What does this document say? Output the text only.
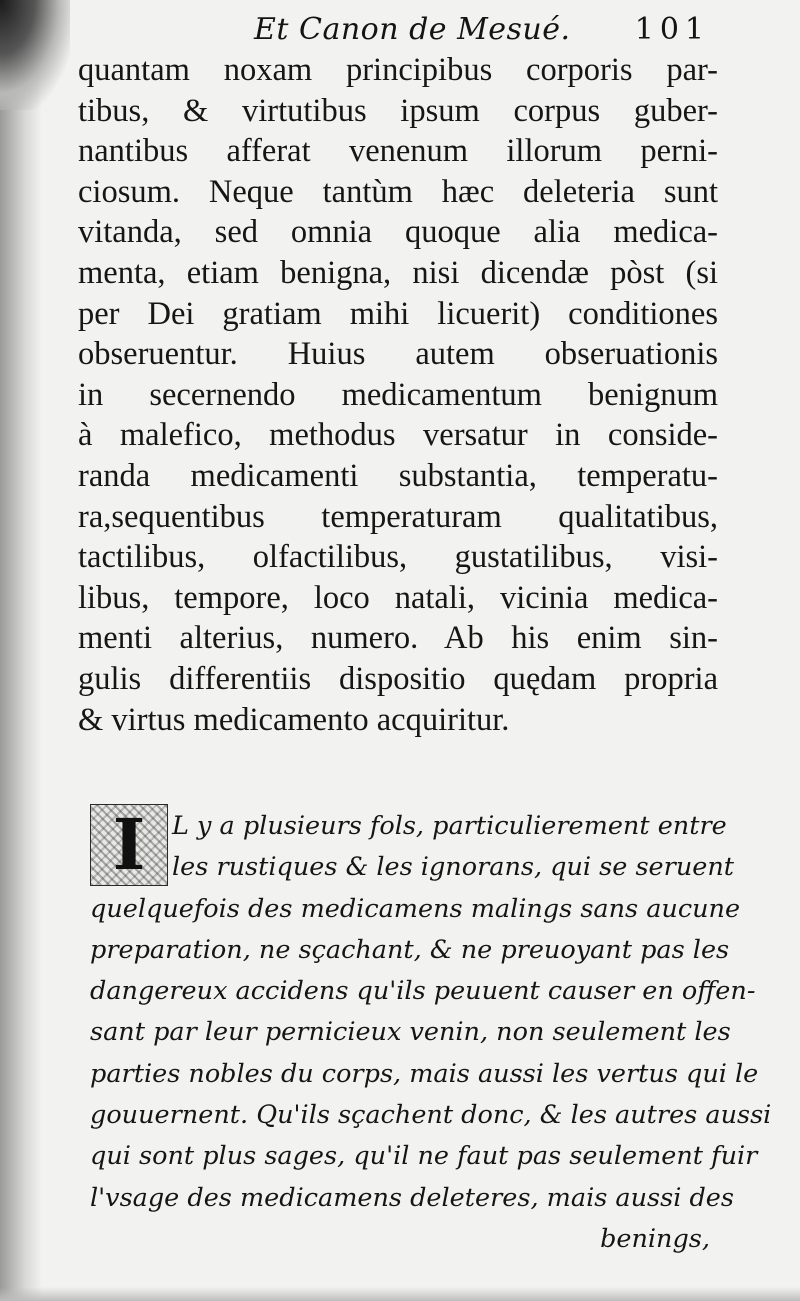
Et Canon de Mesué. 101
quantam noxam principibus corporis par-
tibus, & virtutibus ipsum corpus guber-
nantibus afferat venenum illorum perni-
ciosum. Neque tantùm hæc deleteria sunt
vitanda, sed omnia quoque alia medica-
menta, etiam benigna, nisi dicendæ pòst (si
per Dei gratiam mihi licuerit) conditiones
obseruentur. Huius autem obseruationis
in secernendo medicamentum benignum
à malefico, methodus versatur in conside-
randa medicamenti substantia, temperatu-
ra,sequentibus temperaturam qualitatibus,
tactilibus, olfactilibus, gustatilibus, visi-
libus, tempore, loco natali, vicinia medica-
menti alterius, numero. Ab his enim sin-
gulis differentiis dispositio quędam propria
& virtus medicamento acquiritur.
I	L y a plusieurs fols, particulierement entre
les rustiques & les ignorans, qui se seruent
quelquefois des medicamens malings sans aucune
preparation, ne sçachant, & ne preuoyant pas les
dangereux accidens qu'ils peuuent causer en offen-
sant par leur pernicieux venin, non seulement les
parties nobles du corps, mais aussi les vertus qui le
gouuernent. Qu'ils sçachent donc, & les autres aussi
qui sont plus sages, qu'il ne faut pas seulement fuir
l'vsage des medicamens deleteres, mais aussi des
benings,
